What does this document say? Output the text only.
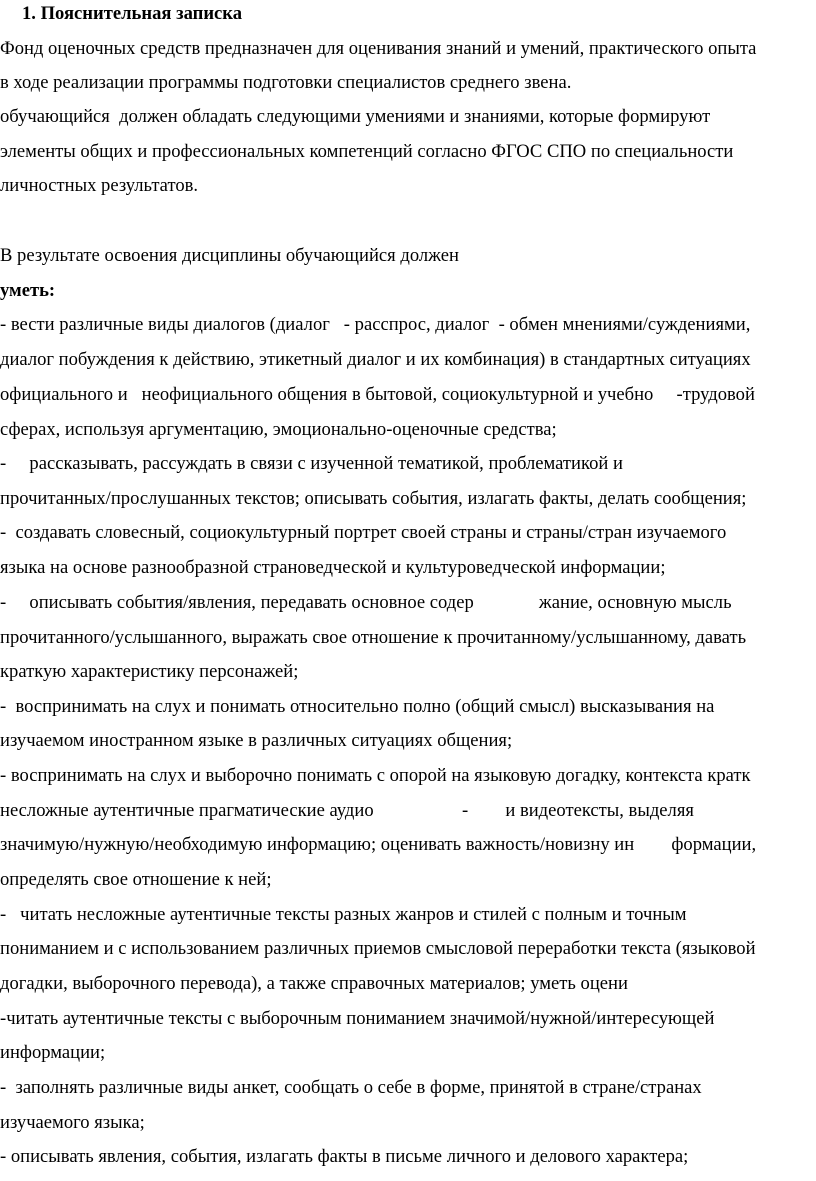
1. Пояснительная записка
Фонд оценочных средств предназначен для оценивания знаний и умений, практического опыта
в ходе реализации программы подготовки специалистов среднего звена.
обучающийся  должен обладать следующими умениями и знаниями, которые формируют
элементы общих и профессиональных компетенций согласно ФГОС СПО по специальности
личностных результатов.
В результате освоения дисциплины обучающийся должен
уметь:
- вести различные виды диалогов (диалог   - расспрос, диалог  - обмен мнениями/суждениями,
диалог побуждения к действию, этикетный диалог и их комбинация) в стандартных ситуациях
официального и   неофициального общения в бытовой, социокультурной и учебно     -трудовой
сферах, используя аргументацию, эмоционально-оценочные средства;
-     рассказывать, рассуждать в связи с изученной тематикой, проблематикой и
прочитанных/прослушанных текстов; описывать события, излагать факты, делать сообщения;
-  создавать словесный, социокультурный портрет своей страны и страны/стран изучаемого
языка на основе разнообразной страноведческой и культуроведческой информации;
-     описывать события/явления, передавать основное содер              жание, основную мысль
прочитанного/услышанного, выражать свое отношение к прочитанному/услышанному, давать
краткую характеристику персонажей;
-  воспринимать на слух и понимать относительно полно (общий смысл) высказывания на
изучаемом иностранном языке в различных ситуациях общения;
- воспринимать на слух и выборочно понимать с опорой на языковую догадку, контекста кратк
несложные аутентичные прагматические аудио                   -        и видеотексты, выделяя
значимую/нужную/необходимую информацию; оценивать важность/новизну ин        формации,
определять свое отношение к ней;
-   читать несложные аутентичные тексты разных жанров и стилей с полным и точным
пониманием и с использованием различных приемов смысловой переработки текста (языковой
догадки, выборочного перевода), а также справочных материалов; уметь оцени
-читать аутентичные тексты с выборочным пониманием значимой/нужной/интересующей
информации;
-  заполнять различные виды анкет, сообщать о себе в форме, принятой в стране/странах
изучаемого языка;
- описывать явления, события, излагать факты в письме личного и делового характера;
